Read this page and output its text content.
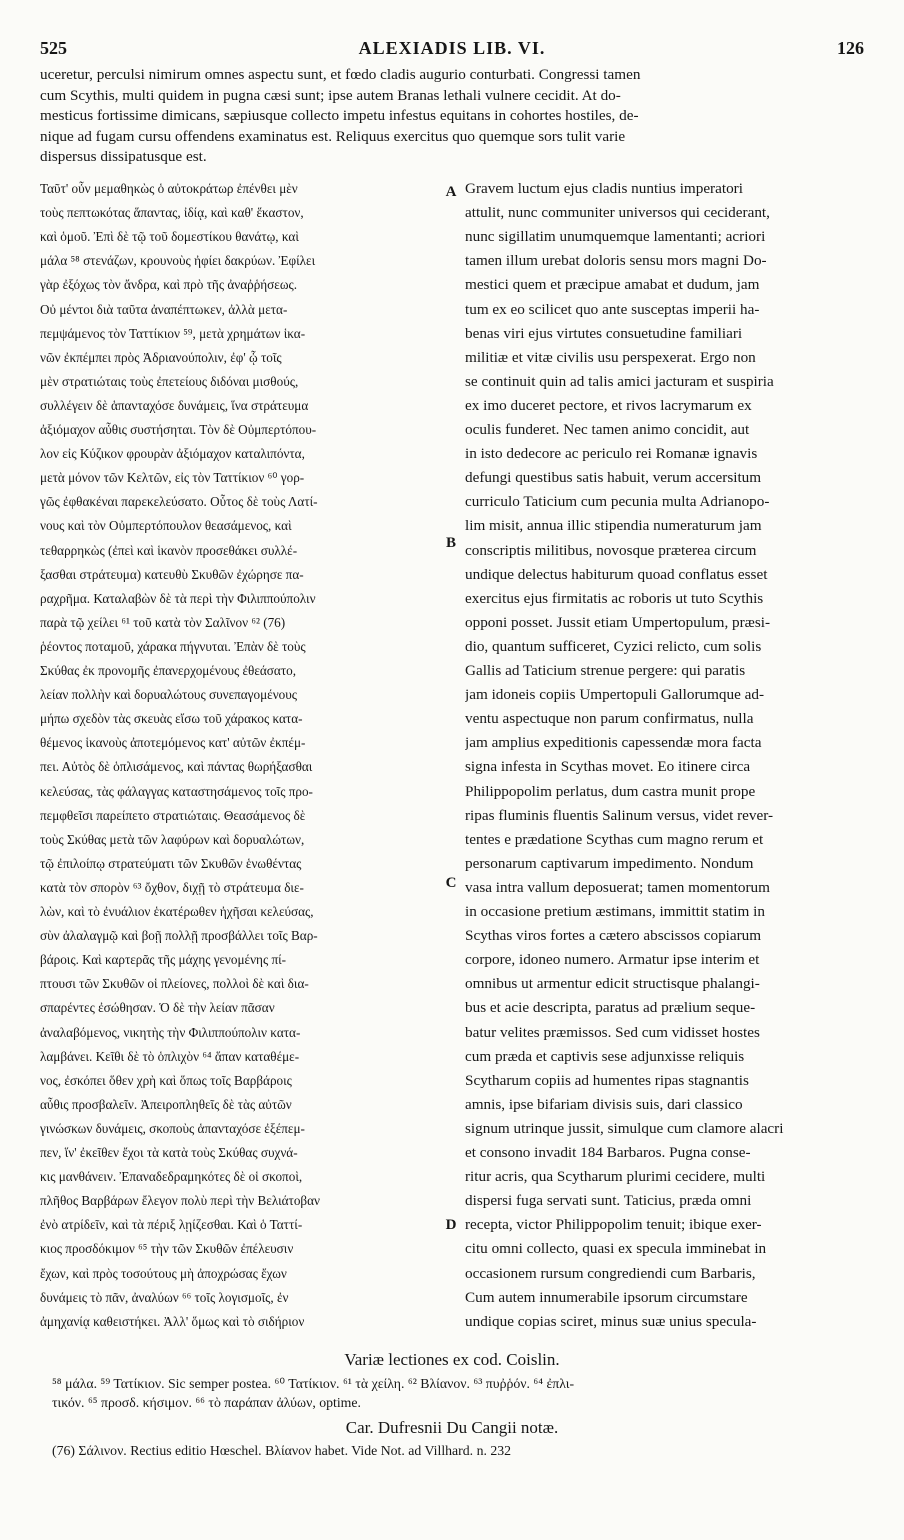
525	ALEXIADIS LIB. VI.	126
uceretur, perculsi nimirum omnes aspectu sunt, et fœdo cladis augurio conturbati. Congressi tamen
cum Scythis, multi quidem in pugna cæsi sunt; ipse autem Branas lethali vulnere cecidit. At do-
mesticus fortissime dimicans, sæpiusque collecto impetu infestus equitans in cohortes hostiles, de-
nique ad fugam cursu offendens examinatus est. Reliquus exercitus quo quemque sors tulit varie
dispersus dissipatusque est.
Ταῦτ' οὖν μεμαθηκὼς ὁ αὐτοκράτωρ ἐπένθει μὲν
τοὺς πεπτωκότας ἅπαντας, ἰδίᾳ, καὶ καθ' ἕκαστον,
καὶ ὁμοῦ. Ἐπὶ δὲ τῷ τοῦ δομεστίκου θανάτῳ, καὶ
μάλα ⁵⁸ στενάζων, κρουνοὺς ἠφίει δακρύων. Ἐφίλει
γὰρ ἐξόχως τὸν ἄνδρα, καὶ πρὸ τῆς ἀναῤῥήσεως.
Οὐ μέντοι διὰ ταῦτα ἀναπέπτωκεν, ἀλλὰ μετα-
πεμψάμενος τὸν Ταττίκιον ⁵⁹, μετὰ χρημάτων ἱκα-
νῶν ἐκπέμπει πρὸς Ἀδριανούπολιν, ἐφ' ᾧ τοῖς
μὲν στρατιώταις τοὺς ἐπετείους διδόναι μισθούς,
συλλέγειν δὲ ἁπανταχόσε δυνάμεις, ἵνα στράτευμα
ἀξιόμαχον αὖθις συστήσηται. Τὸν δὲ Οὐμπερτόπου-
λον εἰς Κύζικον φρουρὰν ἀξιόμαχον καταλιπόντα,
μετὰ μόνον τῶν Κελτῶν, εἰς τὸν Ταττίκιον ⁶⁰ γορ-
γῶς ἐφθακέναι παρεκελεύσατο. Οὗτος δὲ τοὺς Λατί-
νους καὶ τὸν Οὐμπερτόπουλον θεασάμενος, καὶ
τεθαρρηκὼς (ἐπεὶ καὶ ἱκανὸν προσεθάκει συλλέ-
ξασθαι στράτευμα) κατευθὺ Σκυθῶν ἐχώρησε πα-
ραχρῆμα. Καταλαβὼν δὲ τὰ περὶ τὴν Φιλιππούπολιν
παρὰ τῷ χείλει ⁶¹ τοῦ κατὰ τὸν Σαλῖνον ⁶² (76)
ῥέοντος ποταμοῦ, χάρακα πήγνυται. Ἐπὰν δὲ τοὺς
Σκύθας ἐκ προνομῆς ἐπανερχομένους ἐθεάσατο,
λείαν πολλὴν καὶ δορυαλώτους συνεπαγομένους
μήπω σχεδὸν τὰς σκευὰς εἴσω τοῦ χάρακος κατα-
θέμενος ἱκανοὺς ἀποτεμόμενος κατ' αὐτῶν ἐκπέμ-
πει. Αὐτὸς δὲ ὁπλισάμενος, καὶ πάντας θωρήξασθαι
κελεύσας, τὰς φάλαγγας καταστησάμενος τοῖς προ-
πεμφθεῖσι παρείπετο στρατιώταις. Θεασάμενος δὲ
τοὺς Σκύθας μετὰ τῶν λαφύρων καὶ δορυαλώτων,
τῷ ἐπιλοίπῳ στρατεύματι τῶν Σκυθῶν ἑνωθέντας
κατὰ τὸν σπορὸν ⁶³ ὄχθον, διχῇ τὸ στράτευμα διε-
λὼν, καὶ τὸ ἐνυάλιον ἑκατέρωθεν ἠχῆσαι κελεύσας,
σὺν ἀλαλαγμῷ καὶ βοῇ πολλῇ προσβάλλει τοῖς Βαρ-
βάροις. Καὶ καρτερᾶς τῆς μάχης γενομένης πί-
πτουσι τῶν Σκυθῶν οἱ πλείονες, πολλοὶ δὲ καὶ δια-
σπαρέντες ἐσώθησαν. Ὁ δὲ τὴν λείαν πᾶσαν
ἀναλαβόμενος, νικητὴς τὴν Φιλιππούπολιν κατα-
λαμβάνει. Κεῖθι δὲ τὸ ὁπλιχὸν ⁶⁴ ἅπαν καταθέμε-
νος, ἐσκόπει ὅθεν χρὴ καὶ ὅπως τοῖς Βαρβάροις
αὖθις προσβαλεῖν. Ἀπειροπληθεῖς δὲ τὰς αὐτῶν
γινώσκων δυνάμεις, σκοποὺς ἁπανταχόσε ἐξέπεμ-
πεν, ἵν' ἐκεῖθεν ἔχοι τὰ κατὰ τοὺς Σκύθας συχνά-
κις μανθάνειν. Ἐπαναδεδραμηκότες δὲ οἱ σκοποὶ,
πλῆθος Βαρβάρων ἔλεγον πολὺ περὶ τὴν Βελιάτοβαν
ἐνὸ ατρίδεῖν, καὶ τὰ πέριξ λῃίζεσθαι. Καὶ ὁ Ταττί-
κιος προσδόκιμον ⁶⁵ τὴν τῶν Σκυθῶν ἐπέλευσιν
ἔχων, καὶ πρὸς τοσούτους μὴ ἀποχρώσας ἔχων
δυνάμεις τὸ πᾶν, ἀναλύων ⁶⁶ τοῖς λογισμοῖς, ἐν
ἀμηχανίᾳ καθειστήκει. Ἀλλ' ὅμως καὶ τὸ σιδήριον
Gravem luctum ejus cladis nuntius imperatori
attulit, nunc communiter universos qui ceciderant,
nunc sigillatim unumquemque lamentanti; acriori
tamen illum urebat doloris sensu mors magni Do-
mestici quem et præcipue amabat et dudum, jam
tum ex eo scilicet quo ante susceptas imperii ha-
benas viri ejus virtutes consuetudine familiari
militiæ et vitæ civilis usu perspexerat. Ergo non
se continuit quin ad talis amici jacturam et suspiria
ex imo duceret pectore, et rivos lacrymarum ex
oculis funderet. Nec tamen animo concidit, aut
in isto dedecore ac periculo rei Romanæ ignavis
defungi questibus satis habuit, verum accersitum
curriculo Taticium cum pecunia multa Adrianopo-
lim misit, annua illic stipendia numeraturum jam
conscriptis militibus, novosque præterea circum
undique delectus habiturum quoad conflatus esset
exercitus ejus firmitatis ac roboris ut tuto Scythis
opponi posset. Jussit etiam Umpertopulum, præsi-
dio, quantum sufficeret, Cyzici relicto, cum solis
Gallis ad Taticium strenue pergere: qui paratis
jam idoneis copiis Umpertopuli Gallorumque ad-
ventu aspectuque non parum confirmatus, nulla
jam amplius expeditionis capessendæ mora facta
signa infesta in Scythas movet. Eo itinere circa
Philippopolim perlatus, dum castra munit prope
ripas fluminis fluentis Salinum versus, videt rever-
tentes e prædatione Scythas cum magno rerum et
personarum captivarum impedimento. Nondum
vasa intra vallum deposuerat; tamen momentorum
in occasione pretium æstimans, immittit statim in
Scythas viros fortes a cætero abscissos copiarum
corpore, idoneo numero. Armatur ipse interim et
omnibus ut armentur edicit structisque phalangi-
bus et acie descripta, paratus ad prælium seque-
batur velites præmissos. Sed cum vidisset hostes
cum præda et captivis sese adjunxisse reliquis
Scytharum copiis ad humentes ripas stagnantis
amnis, ipse bifariam divisis suis, dari classico
signum utrinque jussit, simulque cum clamore alacri
et consono invadit 184 Barbaros. Pugna conse-
ritur acris, qua Scytharum plurimi cecidere, multi
dispersi fuga servati sunt. Taticius, præda omni
recepta, victor Philippopolim tenuit; ibique exer-
citu omni collecto, quasi ex specula imminebat in
occasionem rursum congrediendi cum Barbaris,
Cum autem innumerabile ipsorum circumstare
undique copias sciret, minus suæ unius specula-
A
B
C
D
Variæ lectiones ex cod. Coislin.
⁵⁸ μάλα. ⁵⁹ Τατίκιον. Sic semper postea. ⁶⁰ Τατίκιον. ⁶¹ τὰ χείλη. ⁶² Βλίανον. ⁶³ πυῤῥόν. ⁶⁴ ἐπλι-
τικόν. ⁶⁵ προσδ. κήσιμον. ⁶⁶ τὸ παράπαν ἀλύων, optime.
Car. Dufresnii Du Cangii notæ.
(76) Σάλινον. Rectius editio Hœschel. Βλίανον habet. Vide Not. ad Villhard. n. 232
